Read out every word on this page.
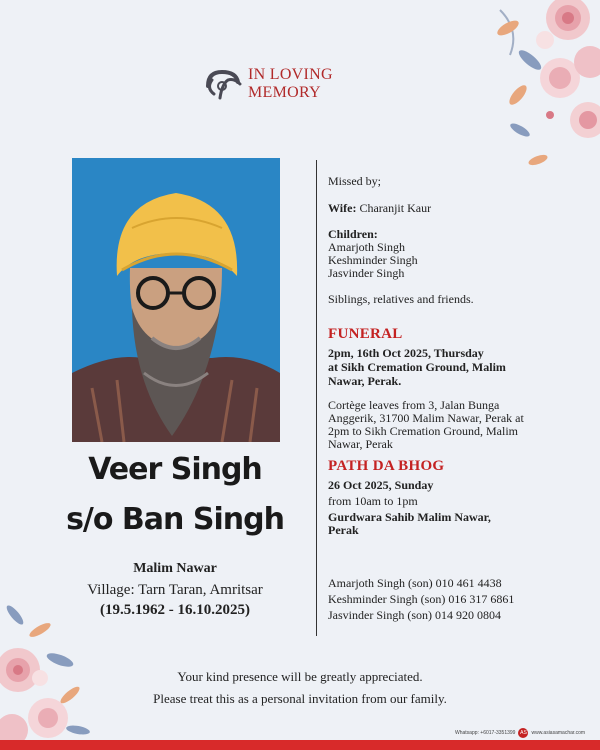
IN LOVING MEMORY
Veer Singh
s/o Ban Singh
Malim Nawar
Village: Tarn Taran, Amritsar
(19.5.1962 - 16.10.2025)
Missed by;
Wife: Charanjit Kaur
Children:
Amarjoth Singh
Keshminder Singh
Jasvinder Singh
Siblings, relatives and friends.
FUNERAL
2pm, 16th Oct 2025, Thursday
at Sikh Cremation Ground, Malim
Nawar, Perak.
Cortège leaves from 3, Jalan Bunga
Anggerik, 31700 Malim Nawar, Perak at
2pm to Sikh Cremation Ground, Malim
Nawar, Perak
PATH DA BHOG
26 Oct 2025, Sunday
from 10am to 1pm
Gurdwara Sahib Malim Nawar,
Perak
Amarjoth Singh (son) 010 461 4438
Keshminder Singh (son) 016 317 6861
Jasvinder Singh (son) 014 920 0804
Your kind presence will be greatly appreciated.
Please treat this as a personal invitation from our family.
Whatsapp: +6017-3351399 AS www.asiasamachar.com
